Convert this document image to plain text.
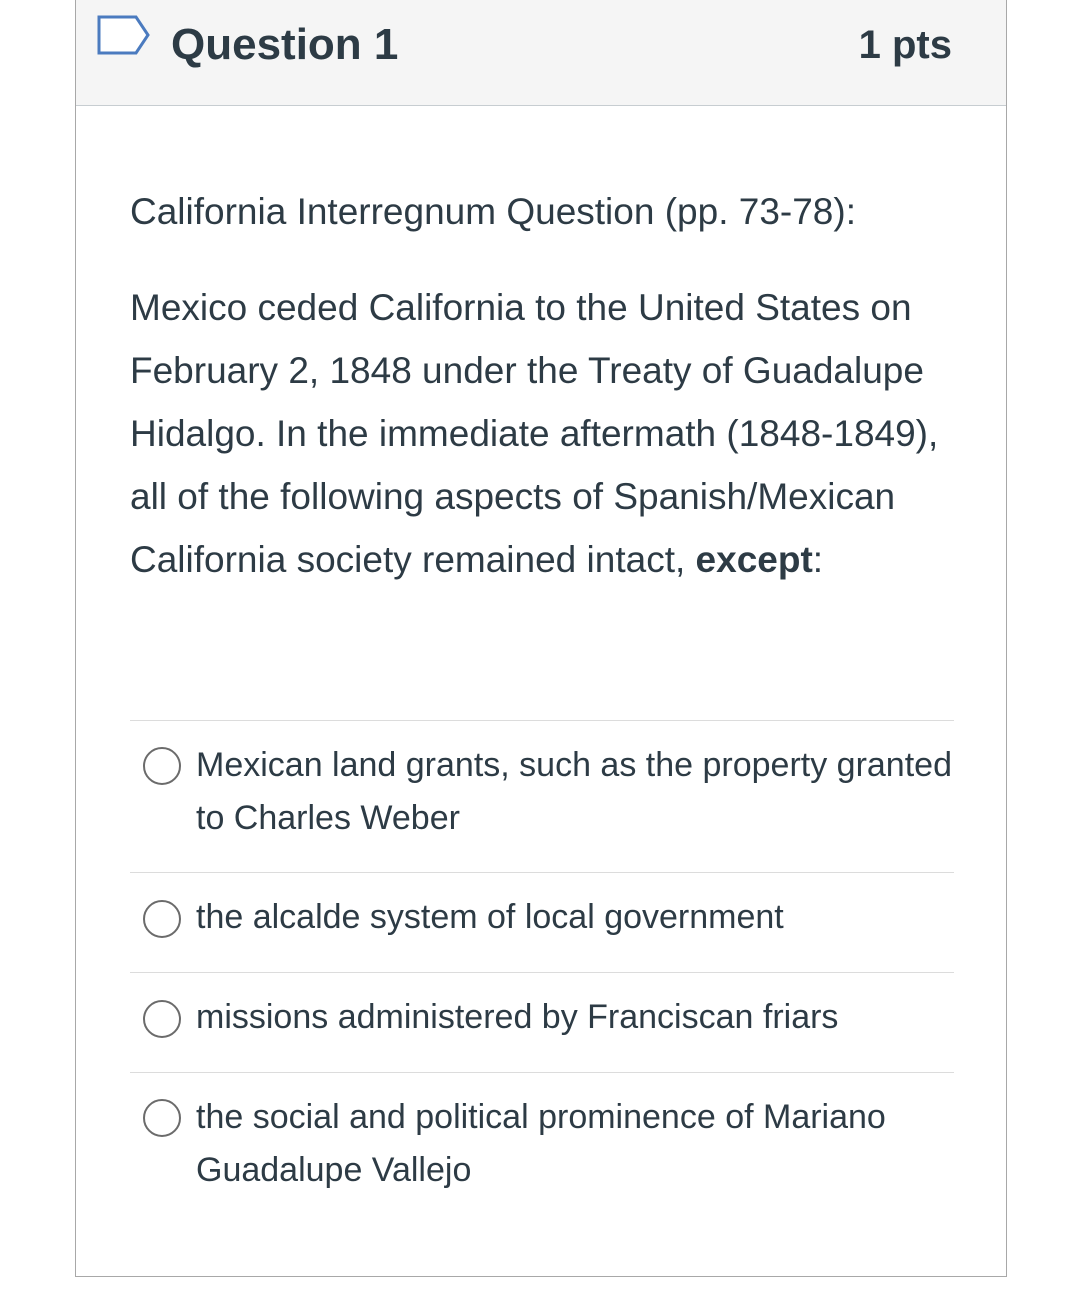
Question 1	1 pts
California Interregnum Question (pp. 73-78):
Mexico ceded California to the United States on February 2, 1848 under the Treaty of Guadalupe Hidalgo. In the immediate aftermath (1848-1849), all of the following aspects of Spanish/Mexican California society remained intact, except:
Mexican land grants, such as the property granted to Charles Weber
the alcalde system of local government
missions administered by Franciscan friars
the social and political prominence of Mariano Guadalupe Vallejo
